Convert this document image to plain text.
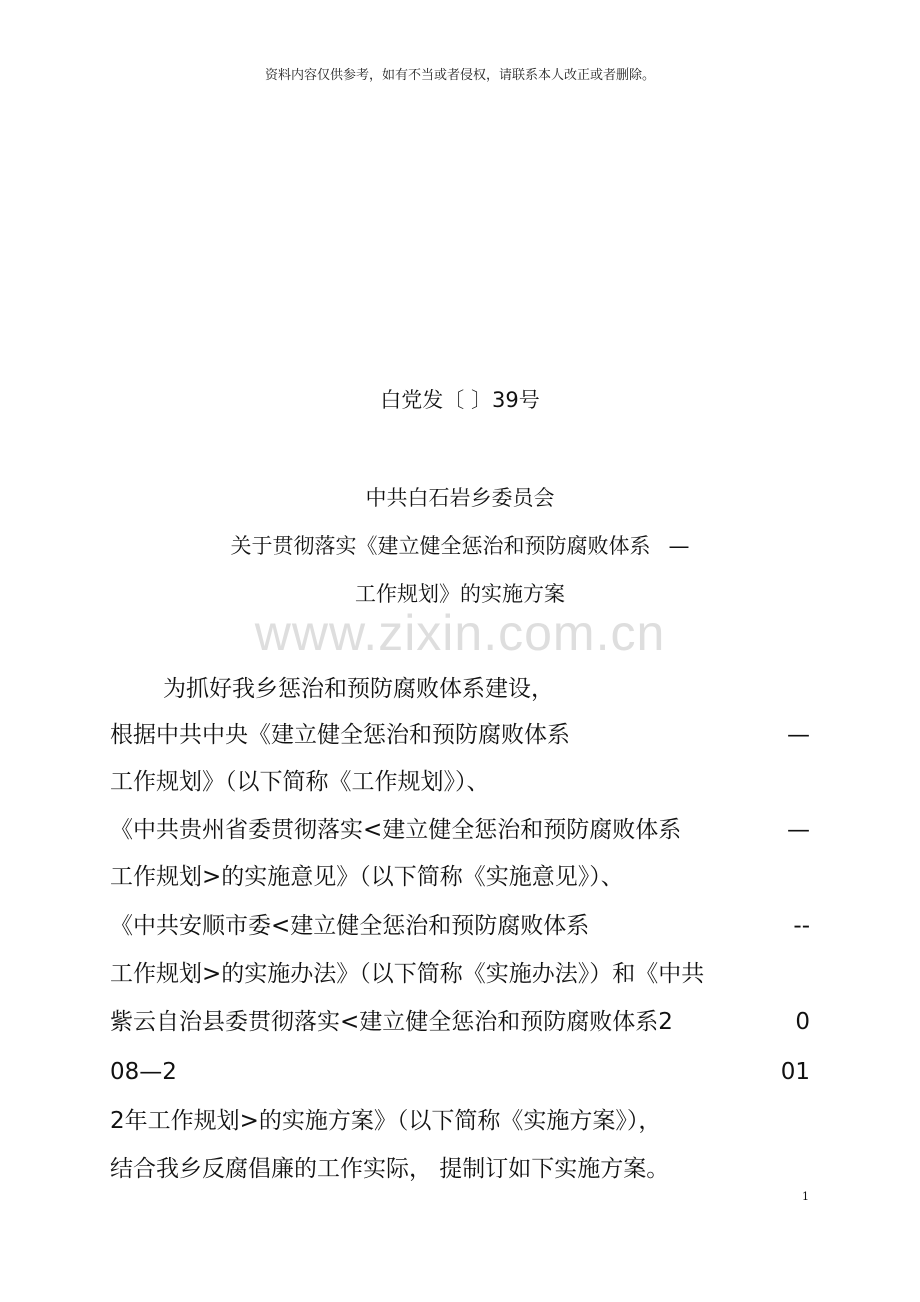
资料内容仅供参考，如有不当或者侵权，请联系本人改正或者删除。
白党发〔 〕39号
中共白石岩乡委员会
关于贯彻落实《建立健全惩治和预防腐败体系 —
工作规划》的实施方案
www.zixin.com.cn
为抓好我乡惩治和预防腐败体系建设，
根据中共中央《建立健全惩治和预防腐败体系	—
工作规划》（以下简称《工作规划》）、
《中共贵州省委贯彻落实<建立健全惩治和预防腐败体系	—
工作规划>的实施意见》（以下简称《实施意见》）、
《中共安顺市委<建立健全惩治和预防腐败体系	--
工作规划>的实施办法》（以下简称《实施办法》）和《中共
紫云自治县委贯彻落实<建立健全惩治和预防腐败体系2	0
08—2	01
2年工作规划>的实施方案》（以下简称《实施方案》），
结合我乡反腐倡廉的工作实际， 提制订如下实施方案。
1
